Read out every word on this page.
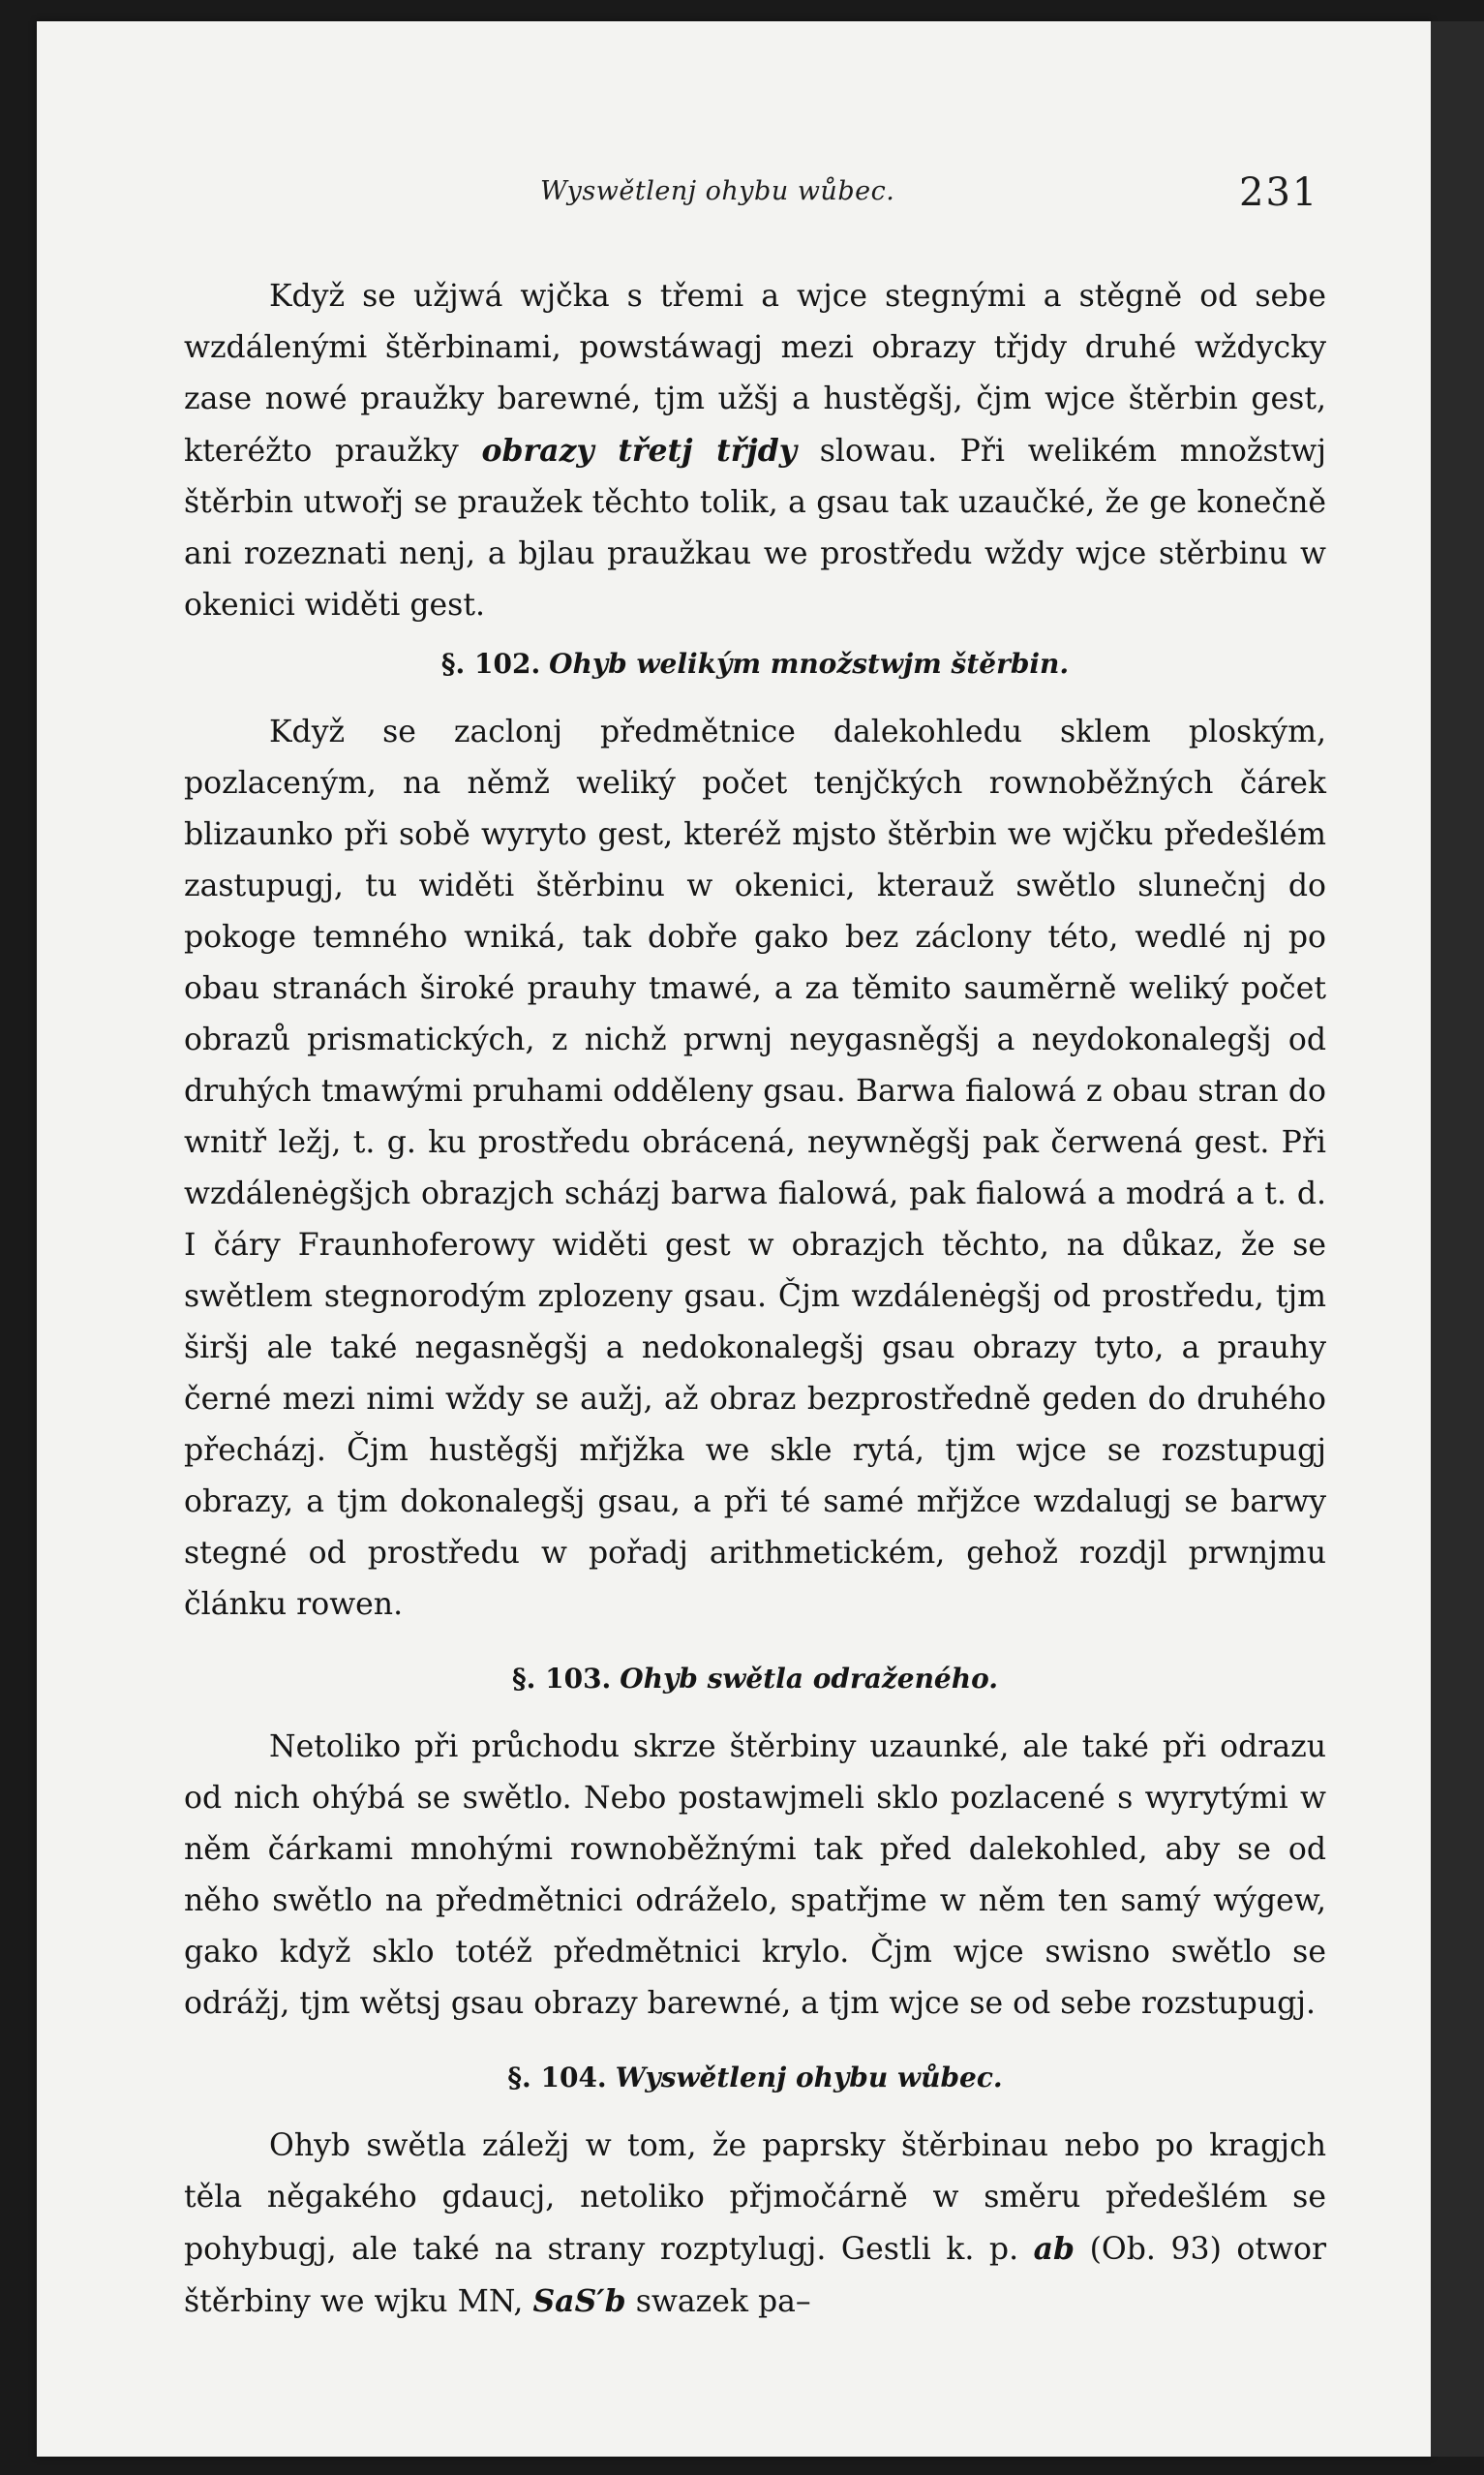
Wyswětlenj ohybu wůbec.	231

Když se užjwá wjčka s třemi a wjce stegnými a stěgně od sebe wzdálenými štěrbinami, powstáwagj mezi obrazy třjdy druhé wždycky zase nowé praužky barewné, tjm užšj a hustěgšj, čjm wjce štěrbin gest, kteréžto praužky obrazy třetj třjdy slowau. Při welikém množstwj štěrbin utwořj se praužek těchto tolik, a gsau tak uzaučké, že ge konečně ani rozeznati nenj, a bjlau praužkau we prostředu wždy wjce stěrbinu w okenici widěti gest.

§. 102. Ohyb welikým množstwjm štěrbin.

Když se zaclonj předmětnice dalekohledu sklem ploským, pozlaceným, na němž weliký počet tenjčkých rownoběžných čárek blizaunko při sobě wyryto gest, kteréž mjsto štěrbin we wjčku předešlém zastupugj, tu widěti štěrbinu w okenici, kterauž swětlo slunečnj do pokoge temného wniká, tak dobře gako bez záclony této, wedlé nj po obau stranách široké prauhy tmawé, a za těmito sauměrně weliký počet obrazů prismatických, z nichž prwnj neygasněgšj a neydokonalegšj od druhých tmawými pruhami odděleny gsau. Barwa fialowá z obau stran do wnitř ležj, t. g. ku prostředu obrácená, neywněgšj pak čerwená gest. Při wzdálenėgšjch obrazjch scházj barwa fialowá, pak fialowá a modrá a t. d. I čáry Fraunhoferowy widěti gest w obrazjch těchto, na důkaz, že se swětlem stegnorodým zplozeny gsau. Čjm wzdálenėgšj od prostředu, tjm širšj ale také negasněgšj a nedokonalegšj gsau obrazy tyto, a prauhy černé mezi nimi wždy se aužj, až obraz bezprostředně geden do druhého přecházj. Čjm hustěgšj mřjžka we skle rytá, tjm wjce se rozstupugj obrazy, a tjm dokonalegšj gsau, a při té samé mřjžce wzdalugj se barwy stegné od prostředu w pořadj arithmetickém, gehož rozdjl prwnjmu článku rowen.

§. 103. Ohyb swětla odraženého.

Netoliko při průchodu skrze štěrbiny uzaunké, ale také při odrazu od nich ohýbá se swětlo. Nebo postawjmeli sklo pozlacené s wyrytými w něm čárkami mnohými rownoběžnými tak před dalekohled, aby se od něho swětlo na předmětnici odráželo, spatřjme w něm ten samý wýgew, gako když sklo totéž předmětnici krylo. Čjm wjce swisno swětlo se odrážj, tjm wětsj gsau obrazy barewné, a tjm wjce se od sebe rozstupugj.

§. 104. Wyswětlenj ohybu wůbec.

Ohyb swětla záležj w tom, že paprsky štěrbinau nebo po kragjch těla něgakého gdaucj, netoliko přjmočárně w směru předešlém se pohybugj, ale také na strany rozptylugj. Gestli k. p. ab (Ob. 93) otwor štěrbiny we wjku MN, SaS′b swazek pa–
